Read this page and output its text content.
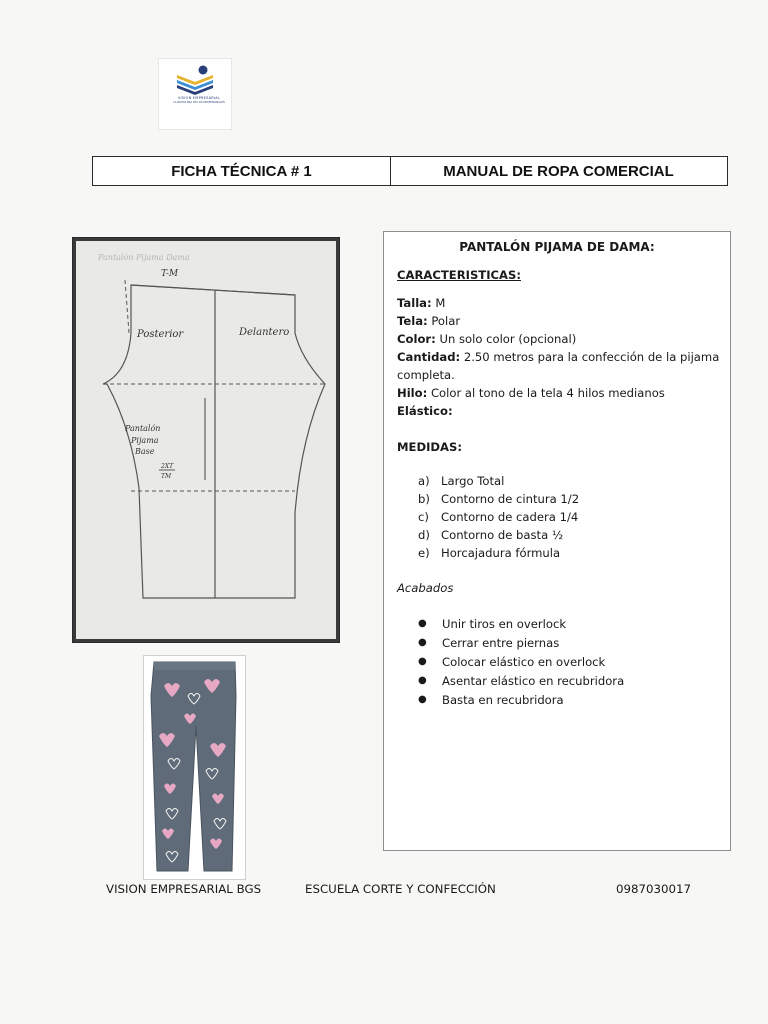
VISION EMPRESARIAL
LA NUEVA ERA DE LOS PROFESIONALES
FICHA TÉCNICA # 1	MANUAL DE ROPA COMERCIAL
Pantalón Pijama Dama
T-M
Posterior	Delantero
Pantalón
Pijama
Base
2XT
TM
PANTALÓN PIJAMA DE DAMA:
CARACTERISTICAS:
Talla: M
Tela: Polar
Color: Un solo color (opcional)
Cantidad: 2.50 metros para la confección de la pijama completa.
Hilo: Color al tono de la tela 4 hilos medianos
Elástico:
MEDIDAS:
a) Largo Total
b) Contorno de cintura 1/2
c)	Contorno de cadera 1/4
d) Contorno de basta ½
e) Horcajadura fórmula
Acabados
●	Unir tiros en overlock
●	Cerrar entre piernas
●	Colocar elástico en overlock
●	Asentar elástico en recubridora
●	Basta en recubridora
VISION EMPRESARIAL BGS	ESCUELA CORTE Y CONFECCIÓN	0987030017
